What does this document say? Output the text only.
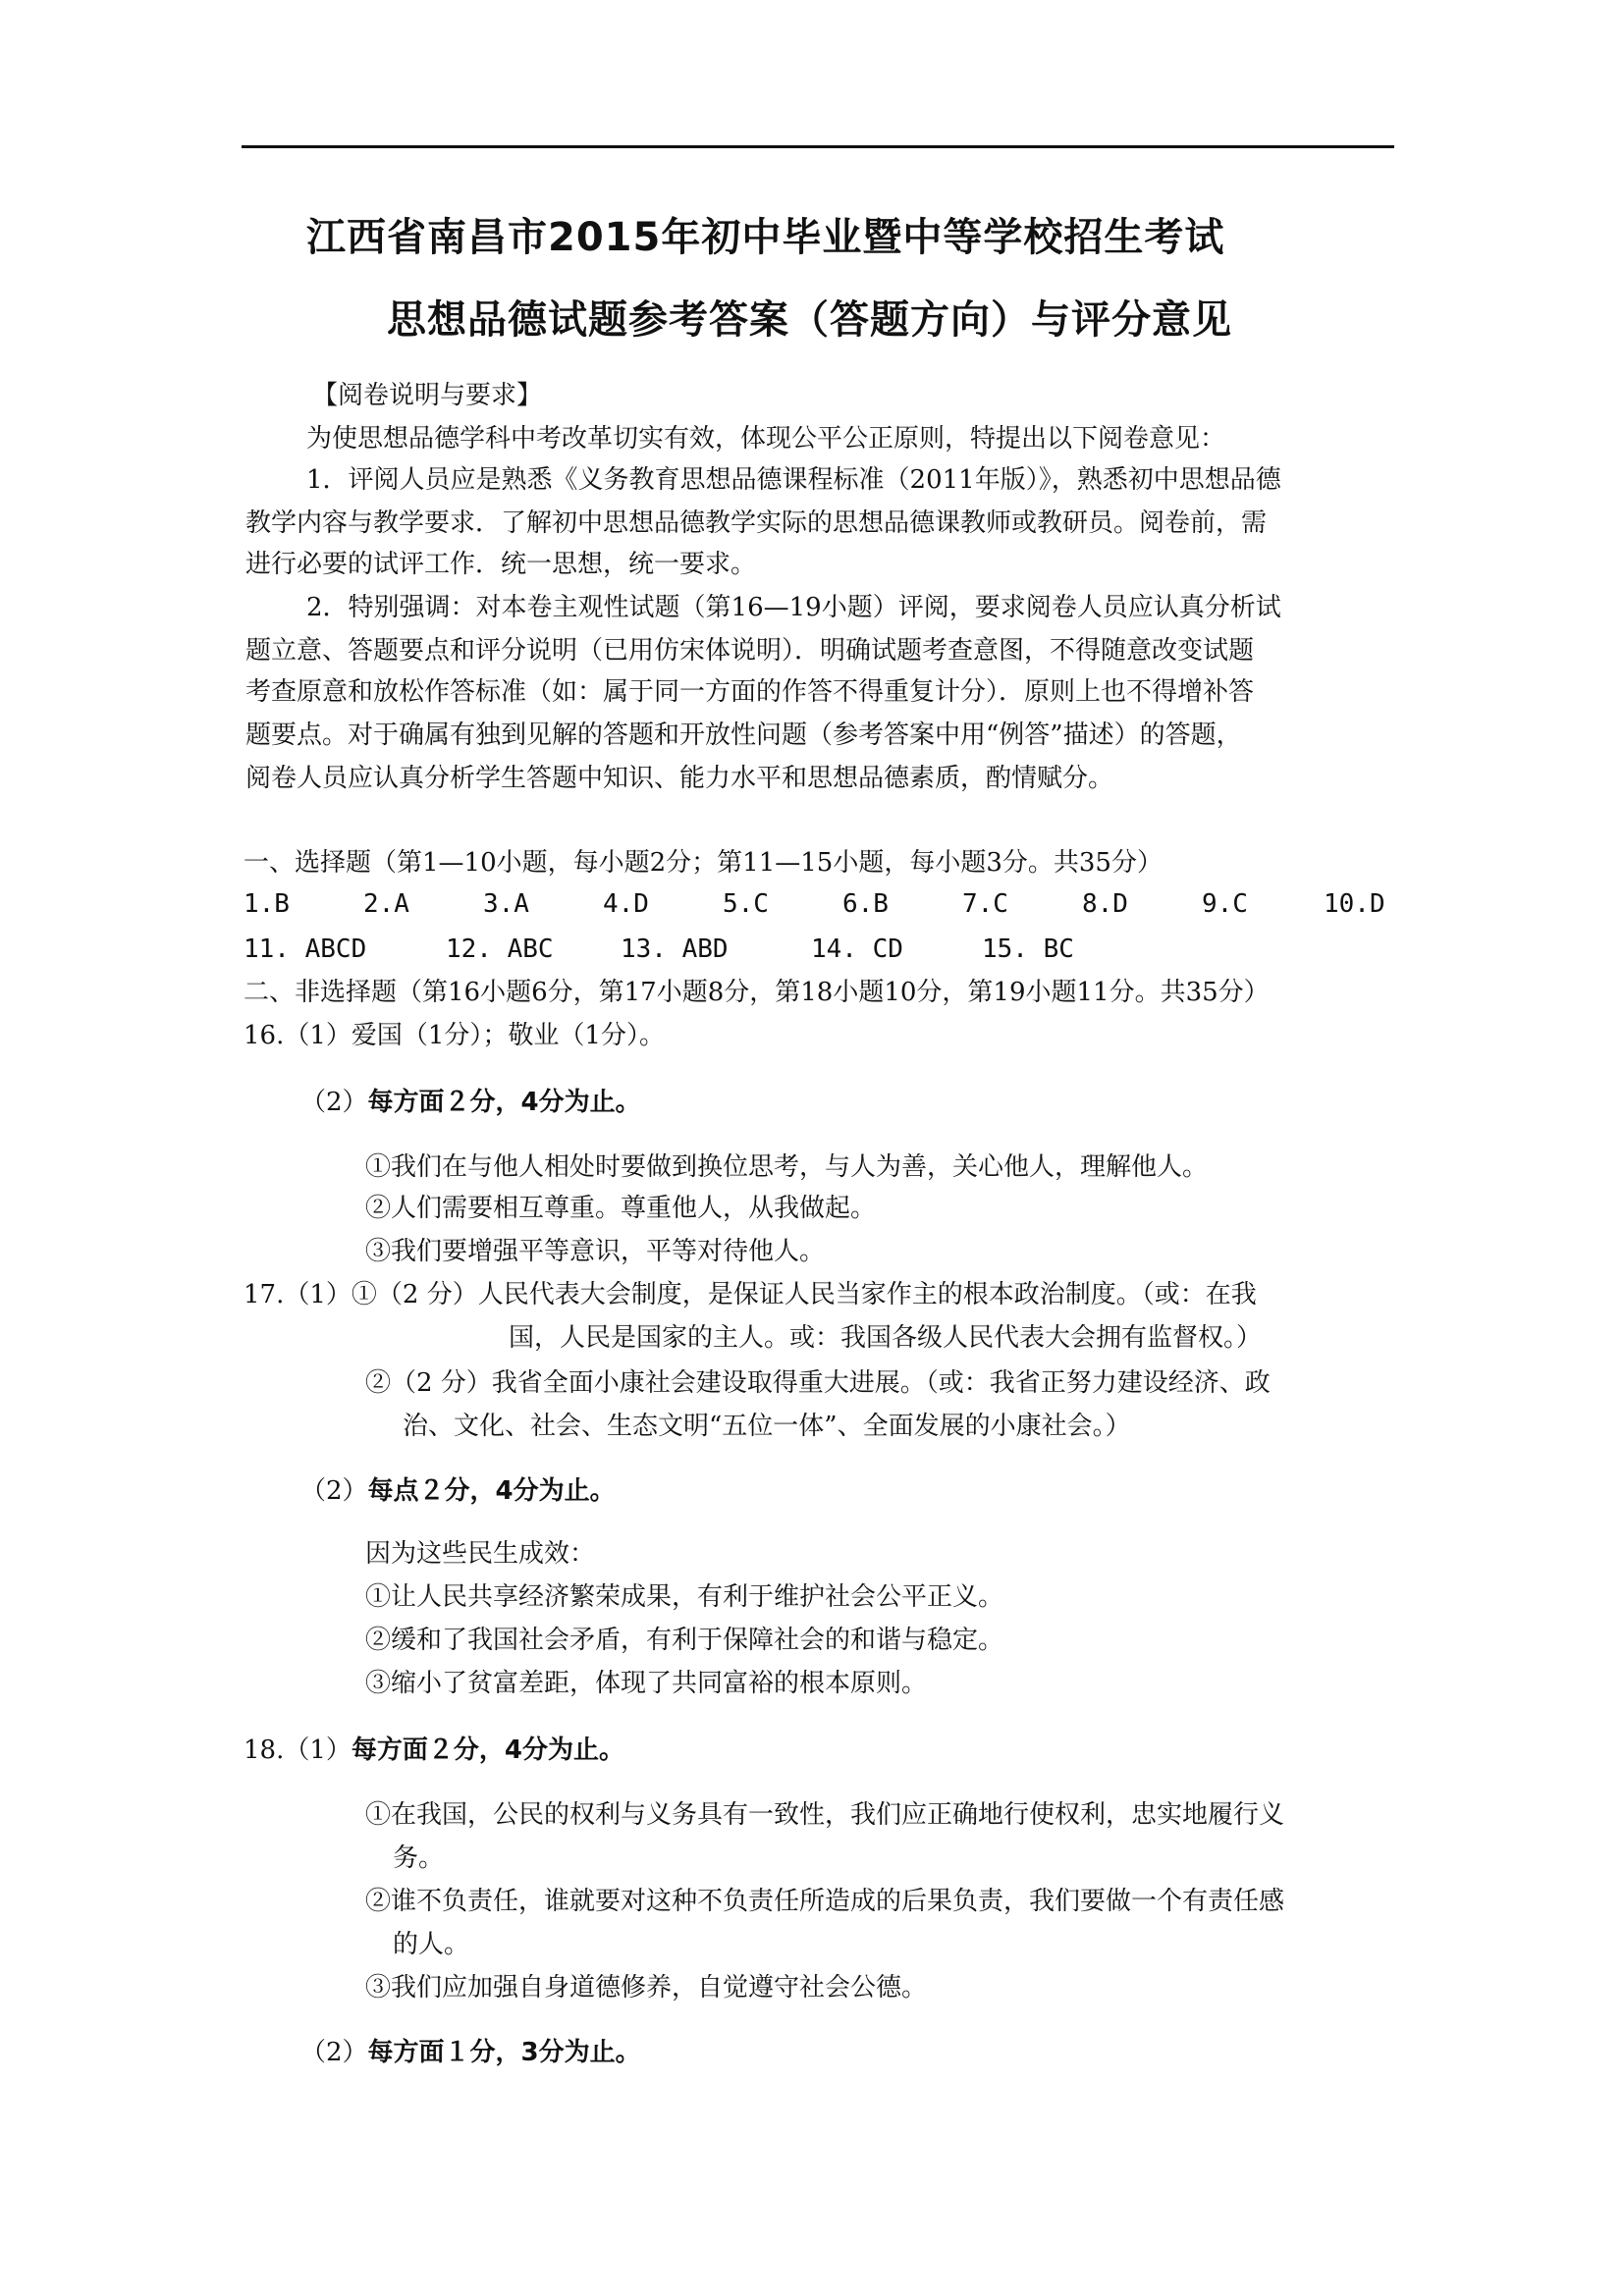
江西省南昌市2015年初中毕业暨中等学校招生考试
思想品德试题参考答案（答题方向）与评分意见
【阅卷说明与要求】
为使思想品德学科中考改革切实有效，体现公平公正原则，特提出以下阅卷意见：
1．评阅人员应是熟悉《义务教育思想品德课程标准（2011年版）》，熟悉初中思想品德
教学内容与教学要求．了解初中思想品德教学实际的思想品德课教师或教研员。阅卷前，需
进行必要的试评工作．统一思想，统一要求。
2．特别强调：对本卷主观性试题（第16—19小题）评阅，要求阅卷人员应认真分析试
题立意、答题要点和评分说明（已用仿宋体说明）．明确试题考查意图，不得随意改变试题
考查原意和放松作答标准（如：属于同一方面的作答不得重复计分）．原则上也不得增补答
题要点。对于确属有独到见解的答题和开放性问题（参考答案中用“例答”描述）的答题，
阅卷人员应认真分析学生答题中知识、能力水平和思想品德素质，酌情赋分。
一、选择题（第1—10小题，每小题2分；第11—15小题，每小题3分。共35分）
1.B	2.A	3.A	4.D	5.C	6.B	7.C	8.D	9.C	10.D
11. ABCD	12. ABC	13. ABD	14. CD	15. BC
二、非选择题（第16小题6分，第17小题8分，第18小题10分，第19小题11分。共35分）
16.（1）爱国（1分）；敬业（1分）。
（2）每方面２分，4分为止。
①我们在与他人相处时要做到换位思考，与人为善，关心他人，理解他人。
②人们需要相互尊重。尊重他人，从我做起。
③我们要增强平等意识，平等对待他人。
17.（1）①（2 分）人民代表大会制度，是保证人民当家作主的根本政治制度。（或：在我
国，人民是国家的主人。或：我国各级人民代表大会拥有监督权。）
②（2 分）我省全面小康社会建设取得重大进展。（或：我省正努力建设经济、政
治、文化、社会、生态文明“五位一体”、全面发展的小康社会。）
（2）每点２分，4分为止。
因为这些民生成效：
①让人民共享经济繁荣成果，有利于维护社会公平正义。
②缓和了我国社会矛盾，有利于保障社会的和谐与稳定。
③缩小了贫富差距，体现了共同富裕的根本原则。
18.（1）每方面２分，4分为止。
①在我国，公民的权利与义务具有一致性，我们应正确地行使权利，忠实地履行义
务。
②谁不负责任，谁就要对这种不负责任所造成的后果负责，我们要做一个有责任感
的人。
③我们应加强自身道德修养，自觉遵守社会公德。
（2）每方面１分，3分为止。
